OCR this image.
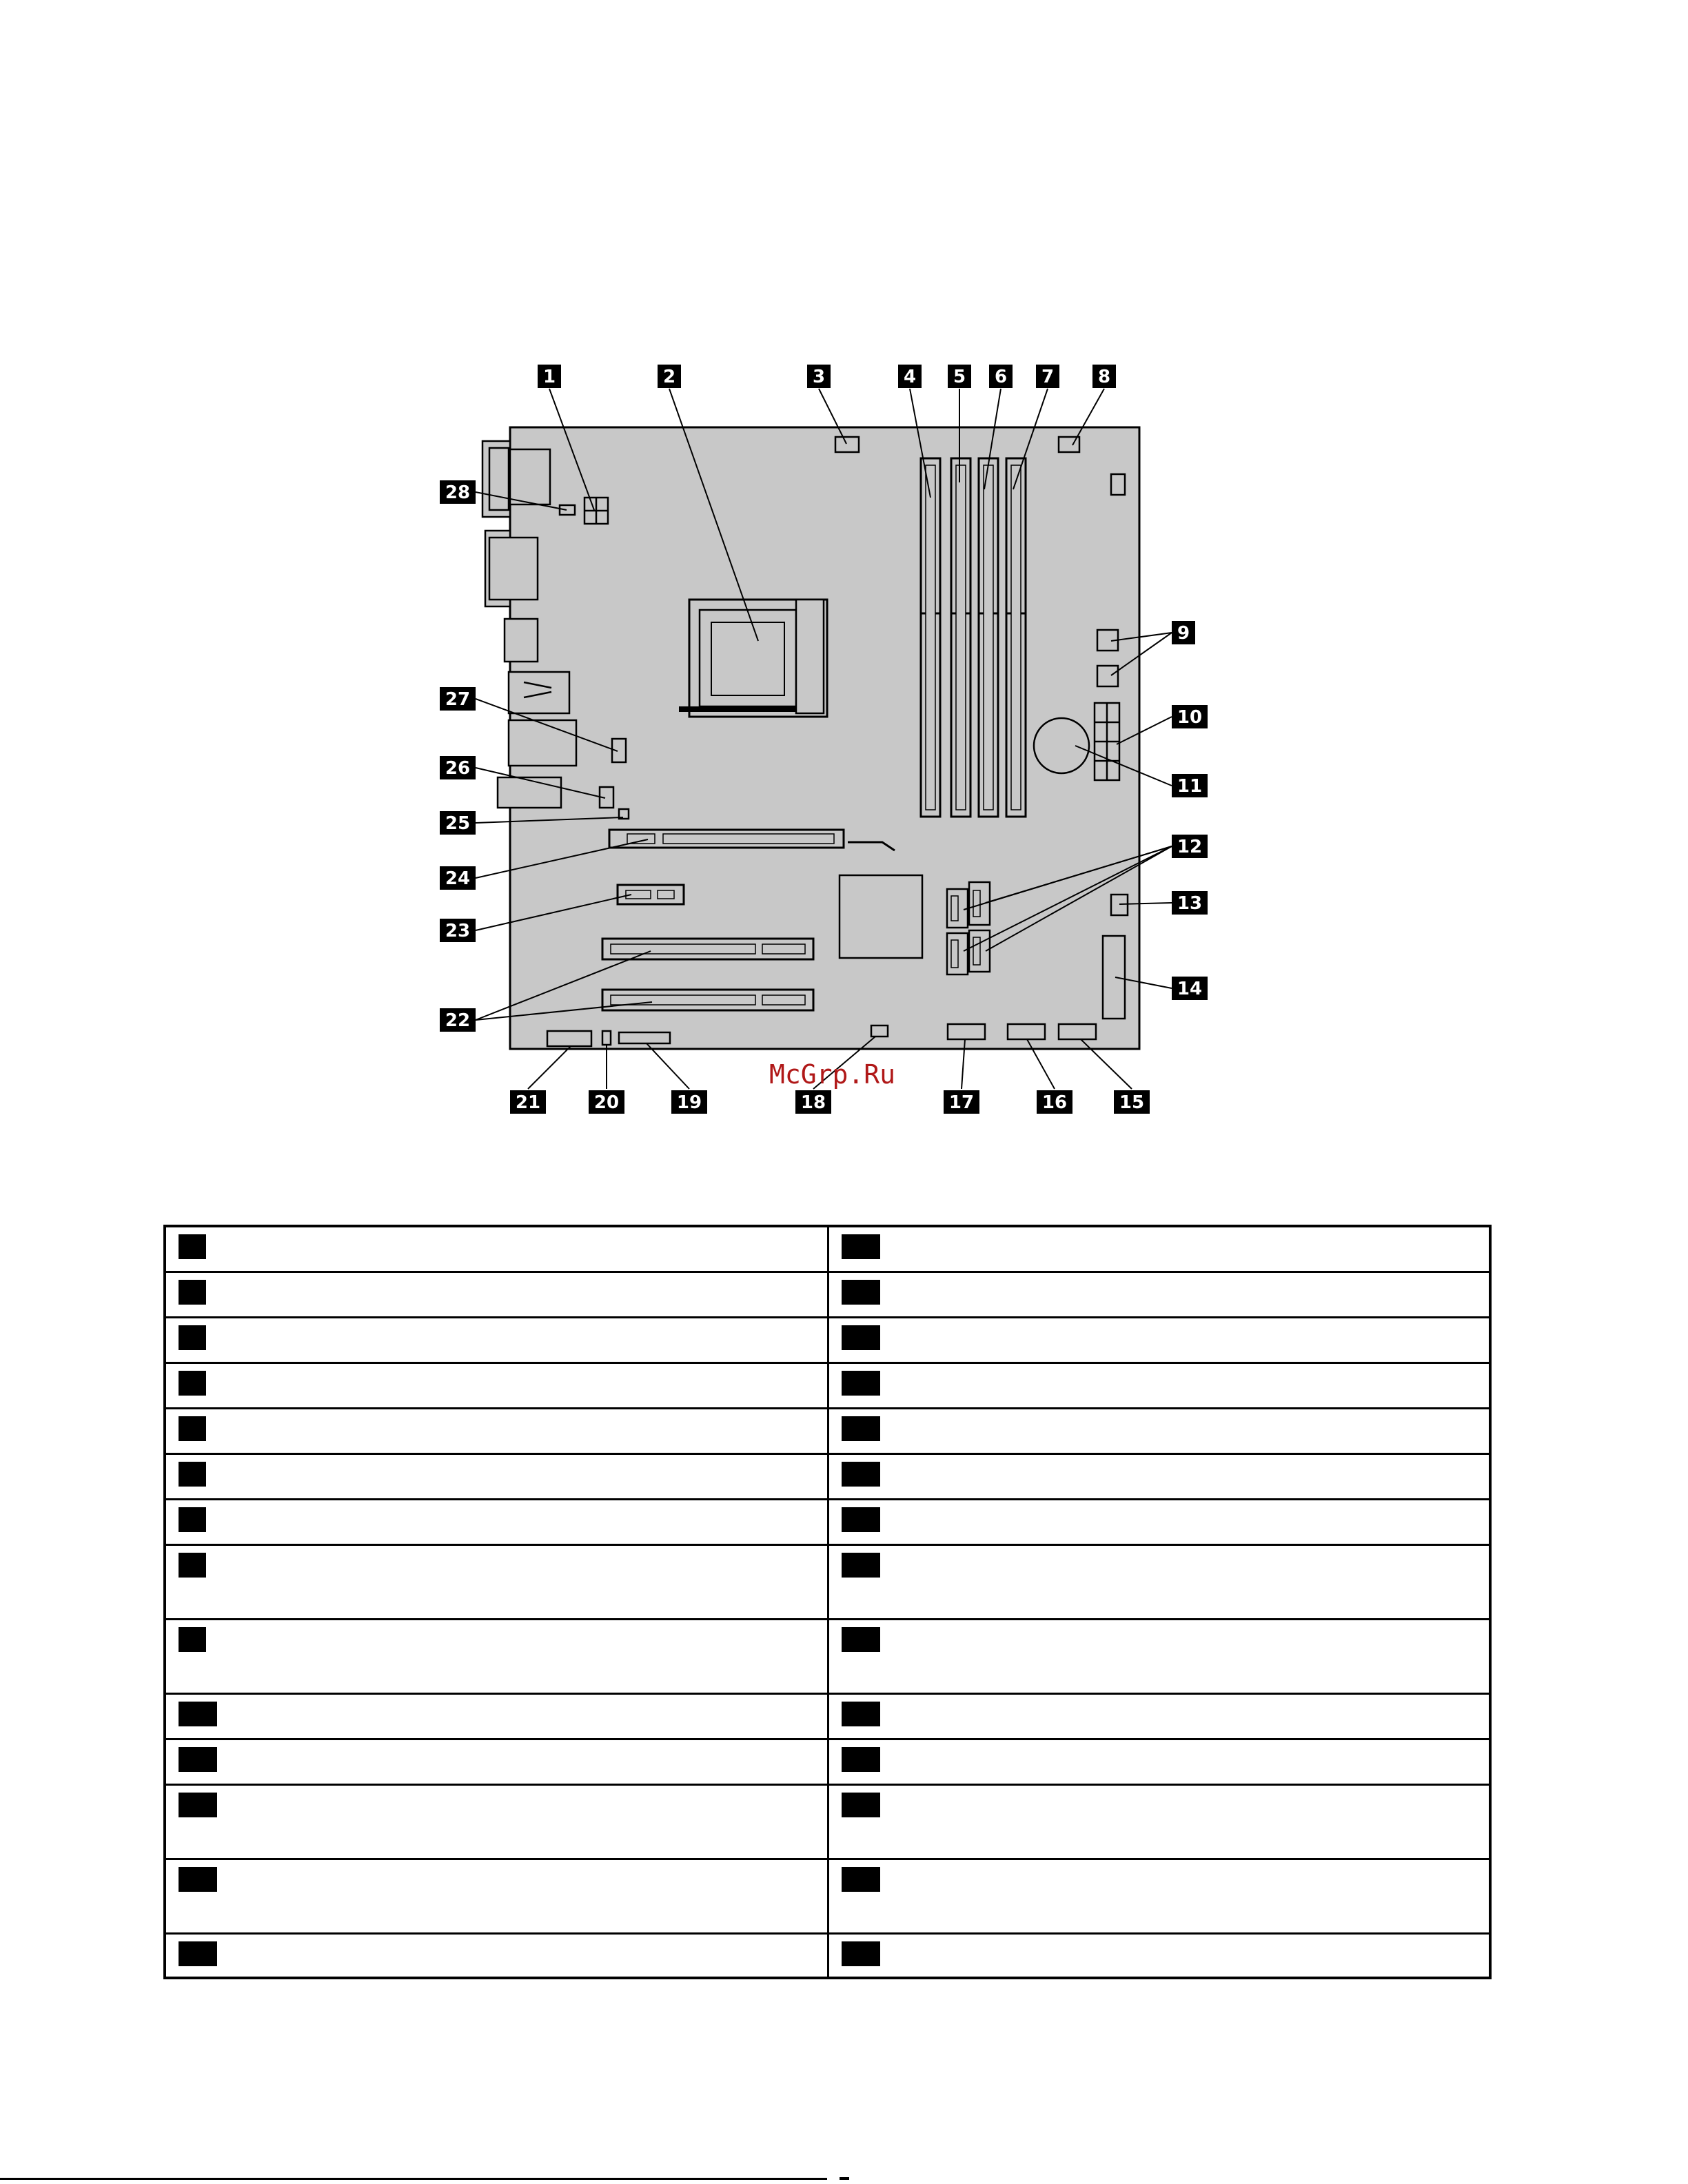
1	2	3	4 5 6 7 8
9
10
11
12
13
14
15
16
17
18
19
20
21
22
23
24
25
26
27
28
McGrp.Ru
1	15
2	16
3	17
4	18
5	19
6	20
7	21
8	22
9	23
10	24
11	25
12	26
13	27
14	28
